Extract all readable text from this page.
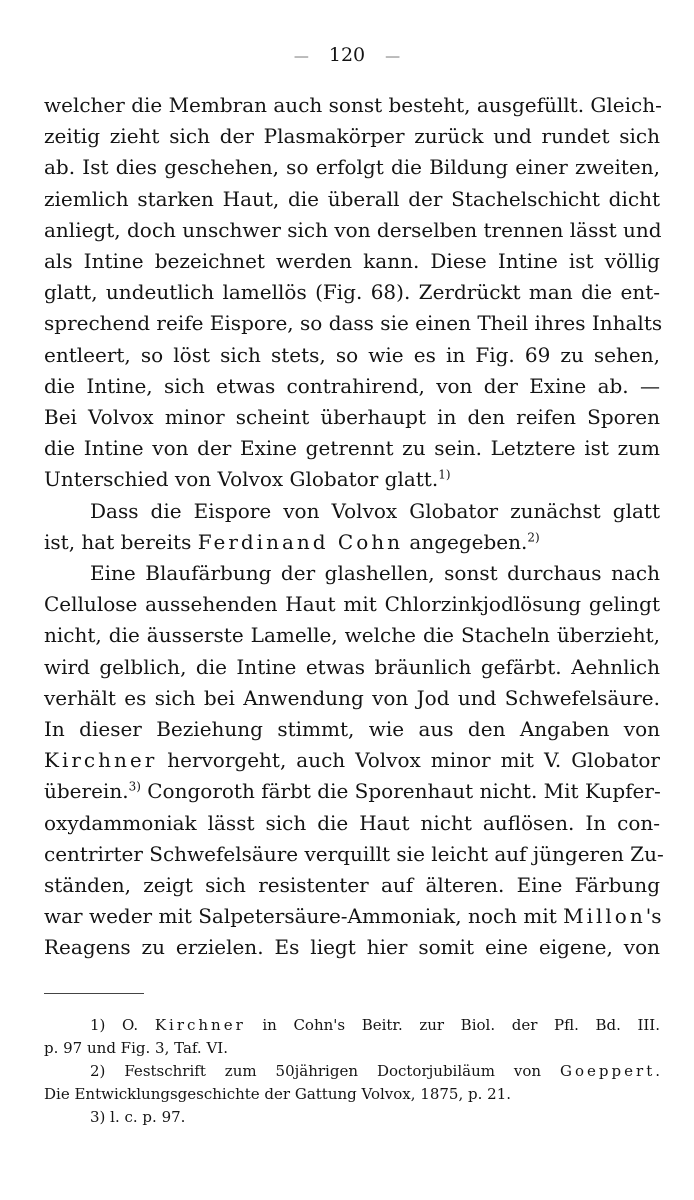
— 120 —
welcher die Membran auch sonst besteht, ausgefüllt. Gleich-
zeitig zieht sich der Plasmakörper zurück und rundet sich
ab. Ist dies geschehen, so erfolgt die Bildung einer zweiten,
ziemlich starken Haut, die überall der Stachelschicht dicht
anliegt, doch unschwer sich von derselben trennen lässt und
als Intine bezeichnet werden kann. Diese Intine ist völlig
glatt, undeutlich lamellös (Fig. 68). Zerdrückt man die ent-
sprechend reife Eispore, so dass sie einen Theil ihres Inhalts
entleert, so löst sich stets, so wie es in Fig. 69 zu sehen,
die Intine, sich etwas contrahirend, von der Exine ab. —
Bei Volvox minor scheint überhaupt in den reifen Sporen
die Intine von der Exine getrennt zu sein. Letztere ist zum
Unterschied von Volvox Globator glatt.$^{1)}$
Dass die Eispore von Volvox Globator zunächst glatt
ist, hat bereits Ferdinand Cohn angegeben.$^{2)}$
Eine Blaufärbung der glashellen, sonst durchaus nach
Cellulose aussehenden Haut mit Chlorzinkjodlösung gelingt
nicht, die äusserste Lamelle, welche die Stacheln überzieht,
wird gelblich, die Intine etwas bräunlich gefärbt. Aehnlich
verhält es sich bei Anwendung von Jod und Schwefelsäure.
In dieser Beziehung stimmt, wie aus den Angaben von
Kirchner hervorgeht, auch Volvox minor mit V. Globator
überein.$^{3)}$ Congoroth färbt die Sporenhaut nicht. Mit Kupfer-
oxydammoniak lässt sich die Haut nicht auflösen. In con-
centrirter Schwefelsäure verquillt sie leicht auf jüngeren Zu-
ständen, zeigt sich resistenter auf älteren. Eine Färbung
war weder mit Salpetersäure-Ammoniak, noch mit Millon's
Reagens zu erzielen. Es liegt hier somit eine eigene, von
1) O. Kirchner in Cohn's Beitr. zur Biol. der Pfl. Bd. III.
p. 97 und Fig. 3, Taf. VI.
2) Festschrift zum 50jährigen Doctorjubiläum von Goeppert.
Die Entwicklungsgeschichte der Gattung Volvox, 1875, p. 21.
3) l. c. p. 97.
